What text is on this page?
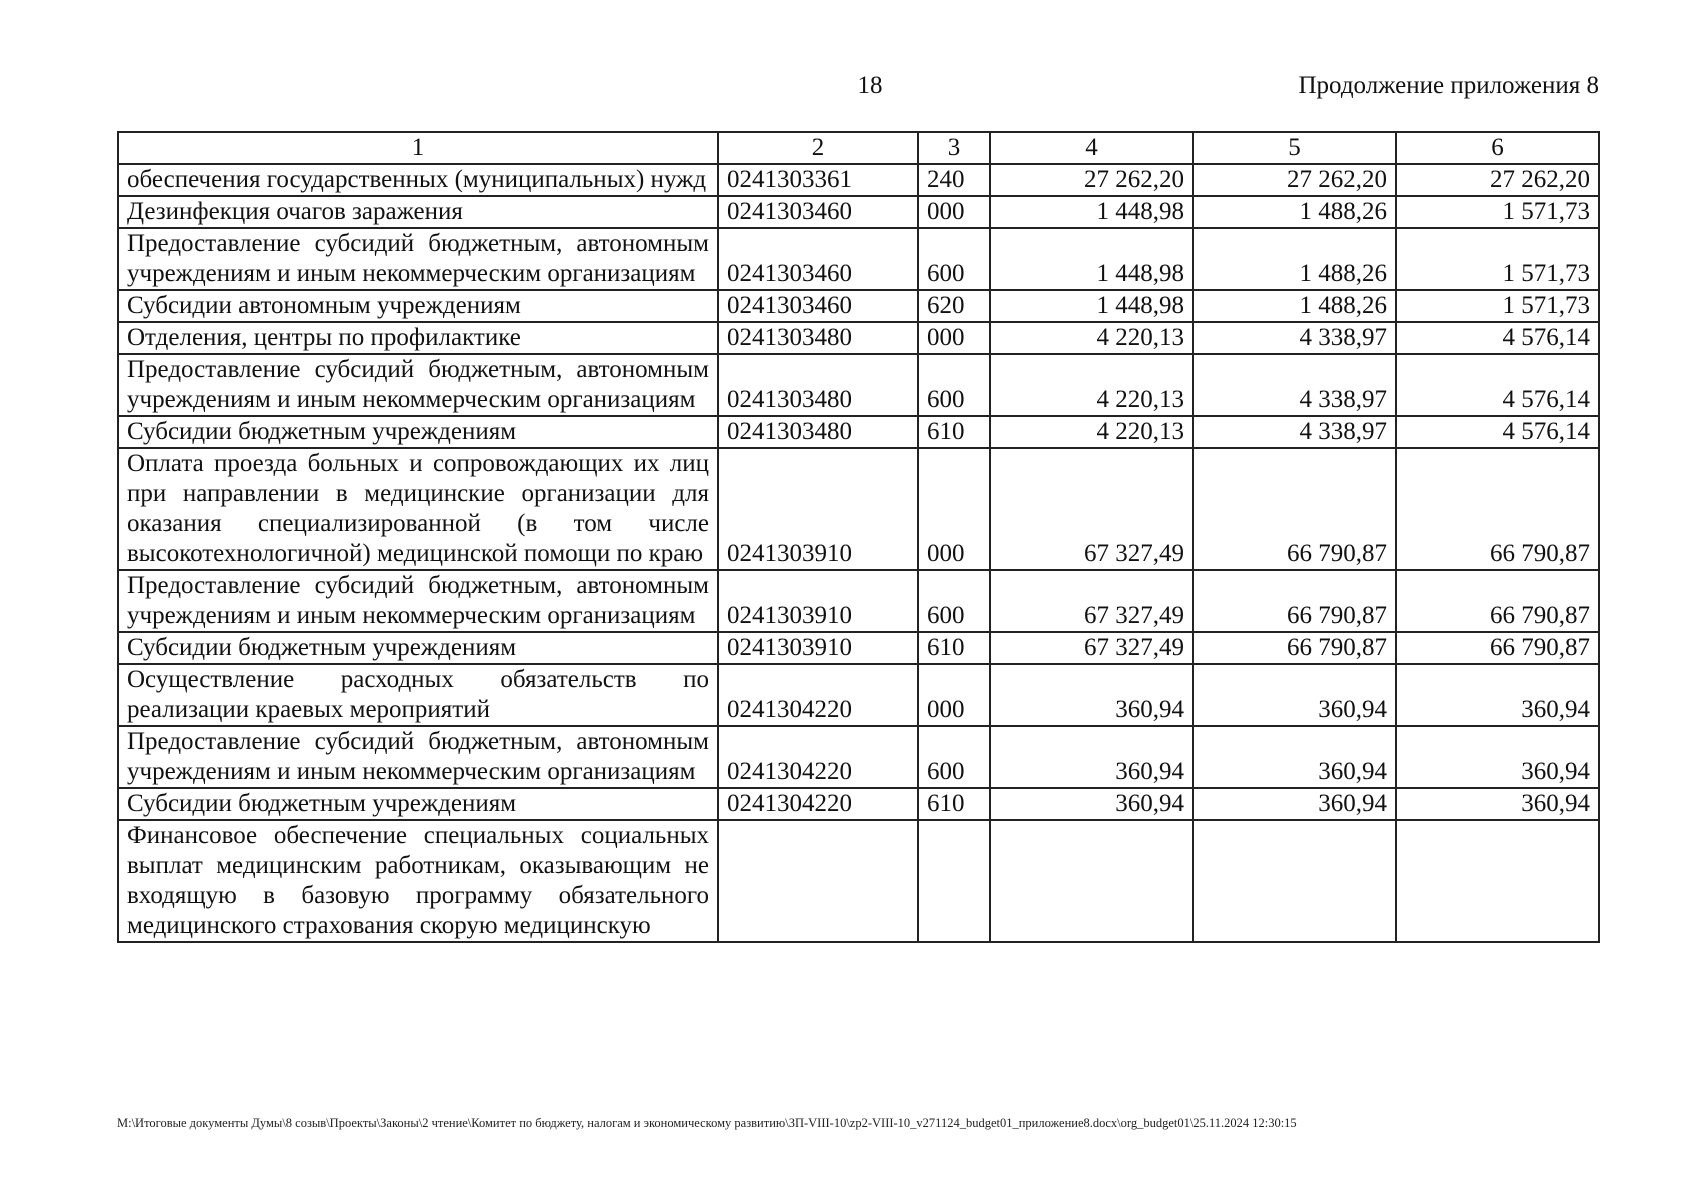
18	Продолжение приложения 8
1	2	3	4	5	6
обеспечения государственных (муниципальных) нужд	0241303361	240	27 262,20	27 262,20	27 262,20
Дезинфекция очагов заражения	0241303460	000	1 448,98	1 488,26	1 571,73
Предоставление субсидий бюджетным, автономным учреждениям и иным некоммерческим организациям	0241303460	600	1 448,98	1 488,26	1 571,73
Субсидии автономным учреждениям	0241303460	620	1 448,98	1 488,26	1 571,73
Отделения, центры по профилактике	0241303480	000	4 220,13	4 338,97	4 576,14
Предоставление субсидий бюджетным, автономным учреждениям и иным некоммерческим организациям	0241303480	600	4 220,13	4 338,97	4 576,14
Субсидии бюджетным учреждениям	0241303480	610	4 220,13	4 338,97	4 576,14
Оплата проезда больных и сопровождающих их лиц при направлении в медицинские организации для оказания специализированной (в том числе высокотехнологичной) медицинской помощи по краю	0241303910	000	67 327,49	66 790,87	66 790,87
Предоставление субсидий бюджетным, автономным учреждениям и иным некоммерческим организациям	0241303910	600	67 327,49	66 790,87	66 790,87
Субсидии бюджетным учреждениям	0241303910	610	67 327,49	66 790,87	66 790,87
Осуществление расходных обязательств по реализации краевых мероприятий	0241304220	000	360,94	360,94	360,94
Предоставление субсидий бюджетным, автономным учреждениям и иным некоммерческим организациям	0241304220	600	360,94	360,94	360,94
Субсидии бюджетным учреждениям	0241304220	610	360,94	360,94	360,94
Финансовое обеспечение специальных социальных выплат медицинским работникам, оказывающим не входящую в базовую программу обязательного медицинского страхования скорую медицинскую					
М:\Итоговые документы Думы\8 созыв\Проекты\Законы\2 чтение\Комитет по бюджету, налогам и экономическому развитию\ЗП-VIII-10\zp2-VIII-10_v271124_budget01_приложение8.docx\org_budget01\25.11.2024 12:30:15
